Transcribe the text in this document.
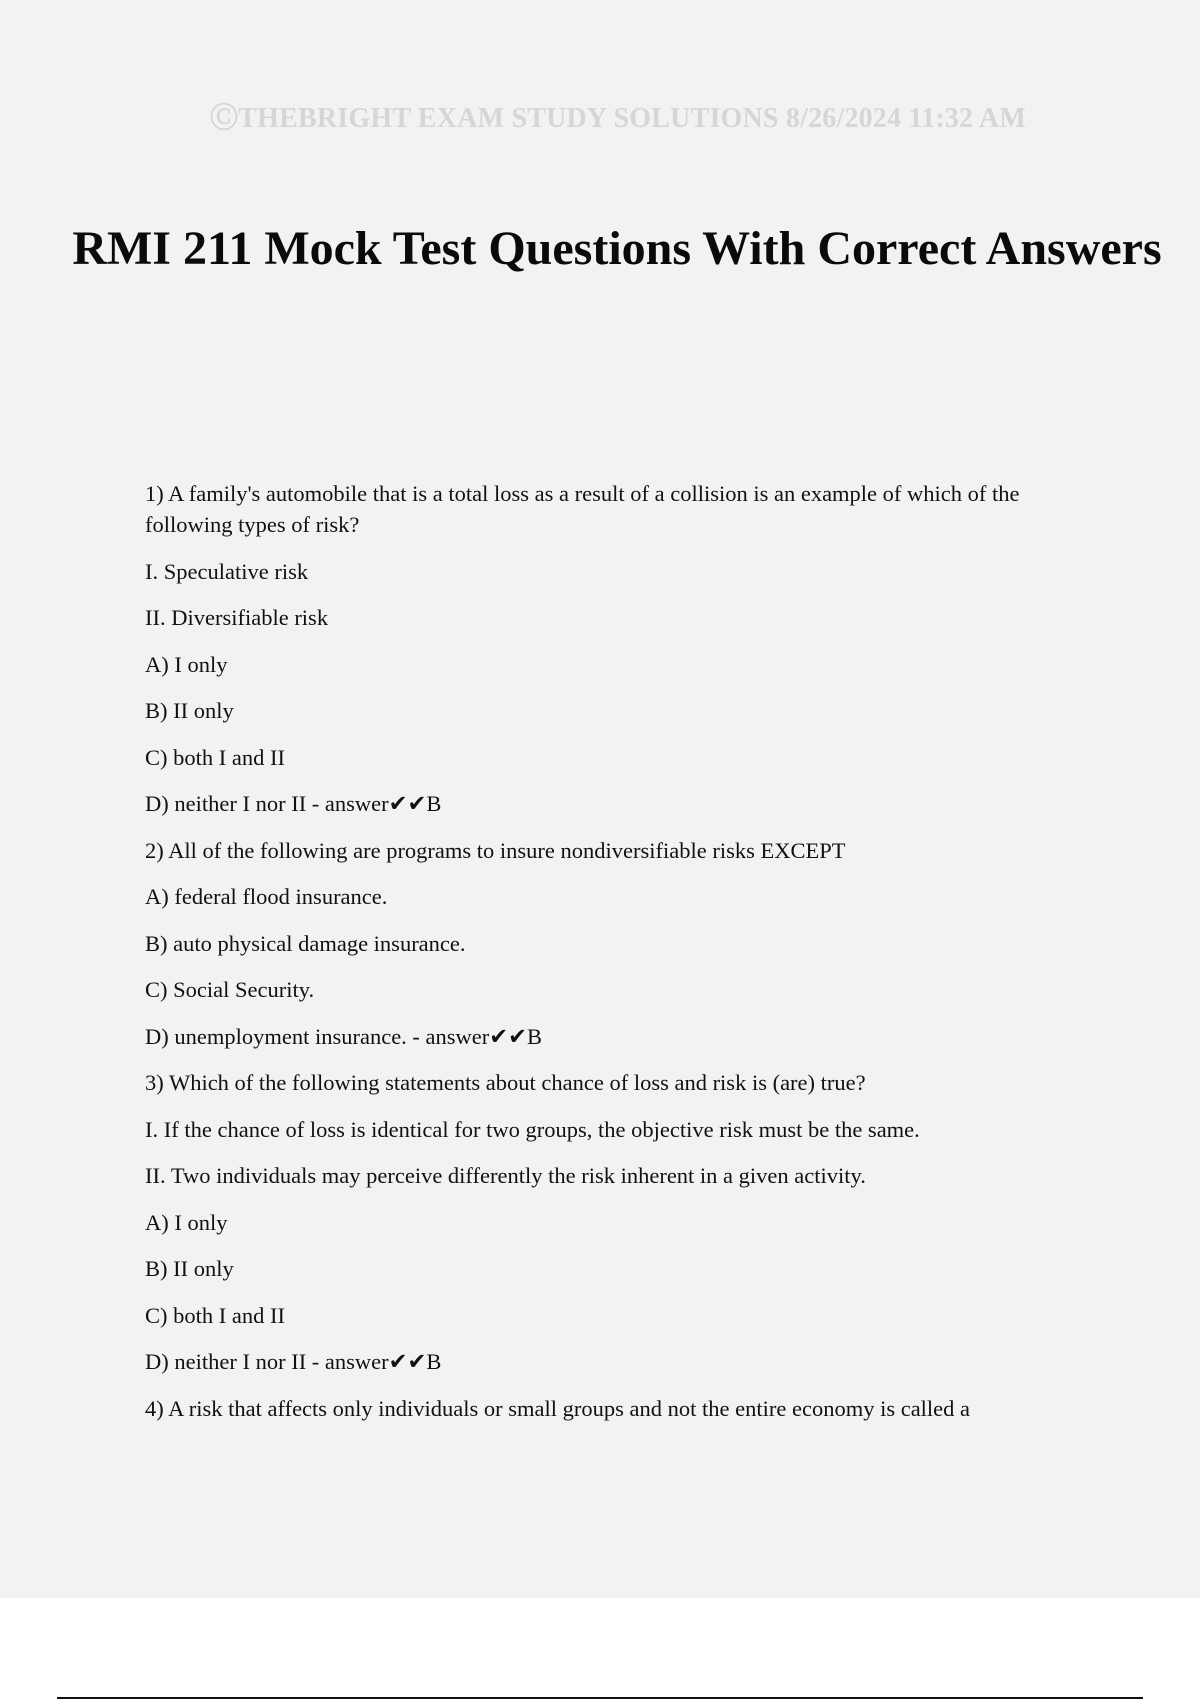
ⒸTHEBRIGHT EXAM STUDY SOLUTIONS 8/26/2024 11:32 AM
RMI 211 Mock Test Questions With Correct Answers

1) A family's automobile that is a total loss as a result of a collision is an example of which of the following types of risk?

I. Speculative risk

II. Diversifiable risk

A) I only

B) II only

C) both I and II

D) neither I nor II - answer✔✔B

2) All of the following are programs to insure nondiversifiable risks EXCEPT

A) federal flood insurance.

B) auto physical damage insurance.

C) Social Security.

D) unemployment insurance. - answer✔✔B

3) Which of the following statements about chance of loss and risk is (are) true?

I. If the chance of loss is identical for two groups, the objective risk must be the same.

II. Two individuals may perceive differently the risk inherent in a given activity.

A) I only

B) II only

C) both I and II

D) neither I nor II - answer✔✔B

4) A risk that affects only individuals or small groups and not the entire economy is called a
